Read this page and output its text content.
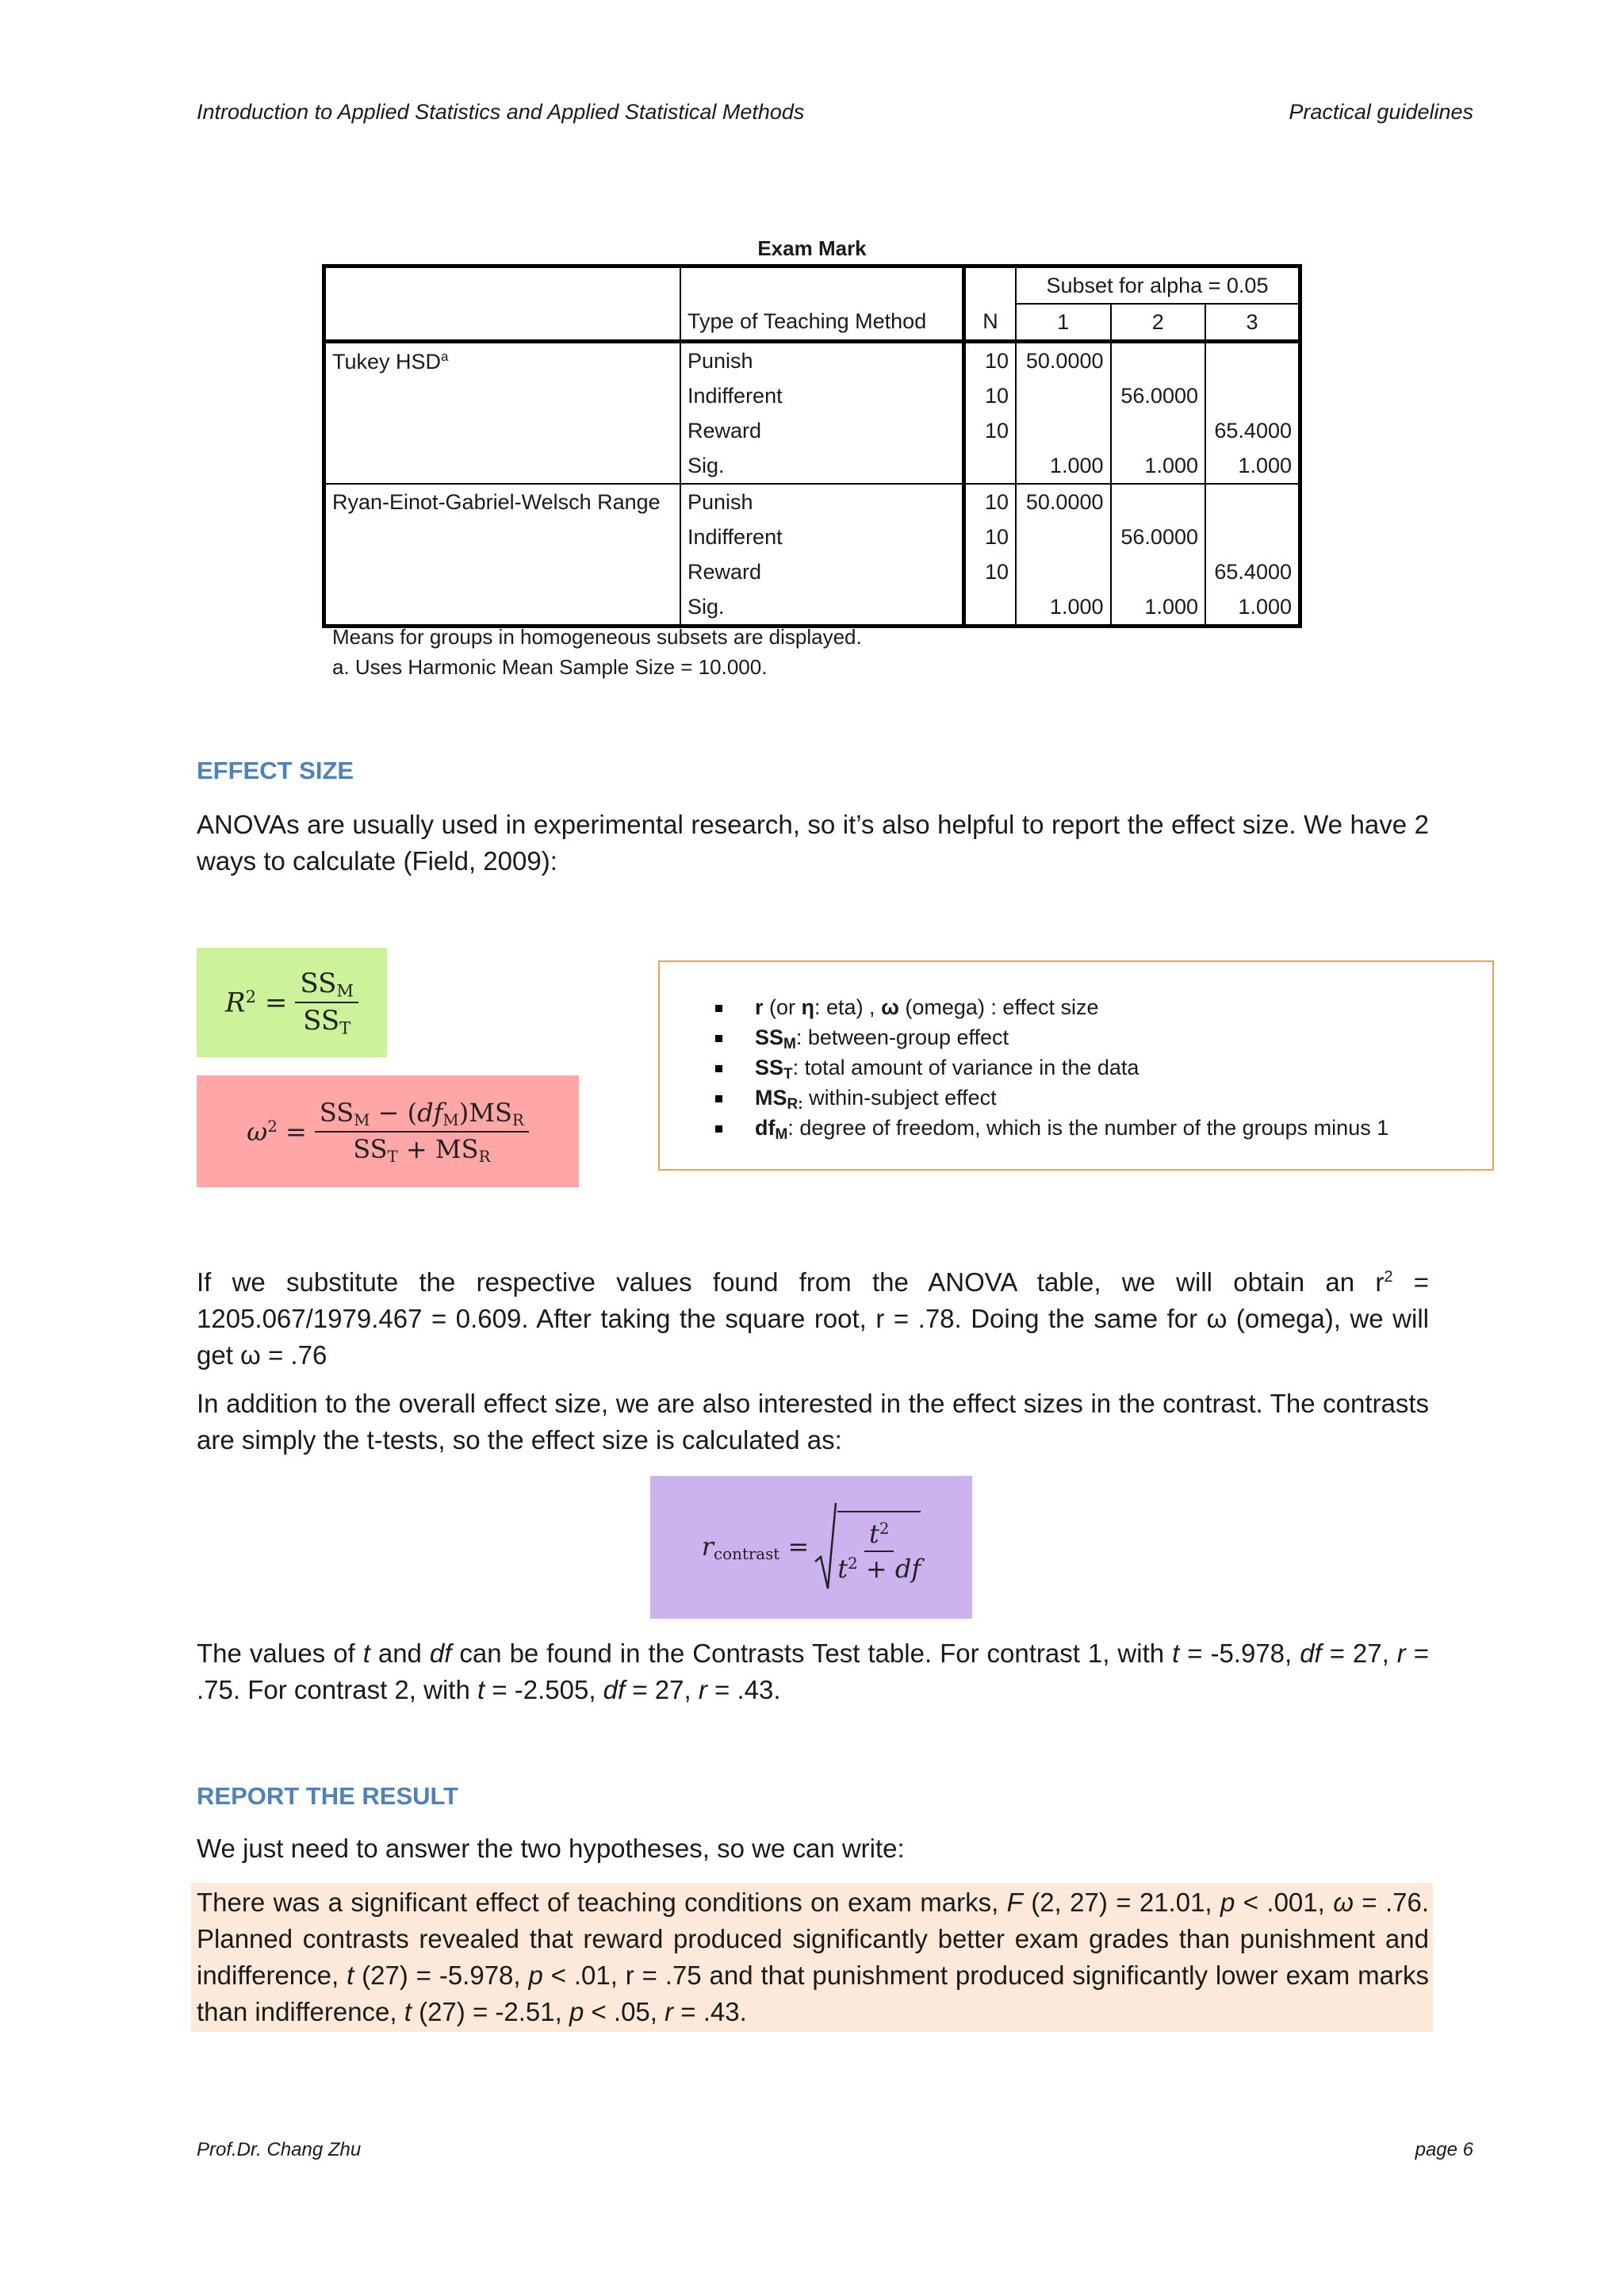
Introduction to Applied Statistics and Applied Statistical Methods	Practical guidelines
Exam Mark
			Subset for alpha = 0.05		
	Type of Teaching Method	N	1	2	3
Tukey HSD$^a$	Punish	10	50.0000		
	Indifferent	10		56.0000	
	Reward	10			65.4000
	Sig.		1.000	1.000	1.000
Ryan-Einot-Gabriel-Welsch Range	Punish	10	50.0000		
	Indifferent	10		56.0000	
	Reward	10			65.4000
	Sig.		1.000	1.000	1.000
Means for groups in homogeneous subsets are displayed.
a. Uses Harmonic Mean Sample Size = 10.000.
EFFECT SIZE

ANOVAs are usually used in experimental research, so it’s also helpful to report the effect size. We have 2 ways to calculate (Field, 2009):

$R^2 = \frac{SS_M}{SS_T}$
$\omega^2 = \frac{SS_M - (df_M)MS_R}{SS_T + MS_R}$
r (or η: eta) , ω (omega) : effect size
SSM: between-group effect
SST: total amount of variance in the data
MSR: within-subject effect
dfM: degree of freedom, which is the number of the groups minus 1

If we substitute the respective values found from the ANOVA table, we will obtain an $r^2 = 1205.067/1979.467 = 0.609$. After taking the square root, r = .78. Doing the same for ω (omega), we will get ω = .76

In addition to the overall effect size, we are also interested in the effect sizes in the contrast. The contrasts are simply the t-tests, so the effect size is calculated as:

$r_{contrast} = \frac{t^2}{t^2 + df}$

The values of t and df can be found in the Contrasts Test table. For contrast 1, with t = -5.978, df = 27, r = .75. For contrast 2, with t = -2.505, df = 27, r = .43.

REPORT THE RESULT

We just need to answer the two hypotheses, so we can write:

There was a significant effect of teaching conditions on exam marks, F (2, 27) = 21.01, p < .001, ω = .76. Planned contrasts revealed that reward produced significantly better exam grades than punishment and indifference, t (27) = -5.978, p < .01, r = .75 and that punishment produced significantly lower exam marks than indifference, t (27) = -2.51, p < .05, r = .43.

Prof.Dr. Chang Zhu	page 6
